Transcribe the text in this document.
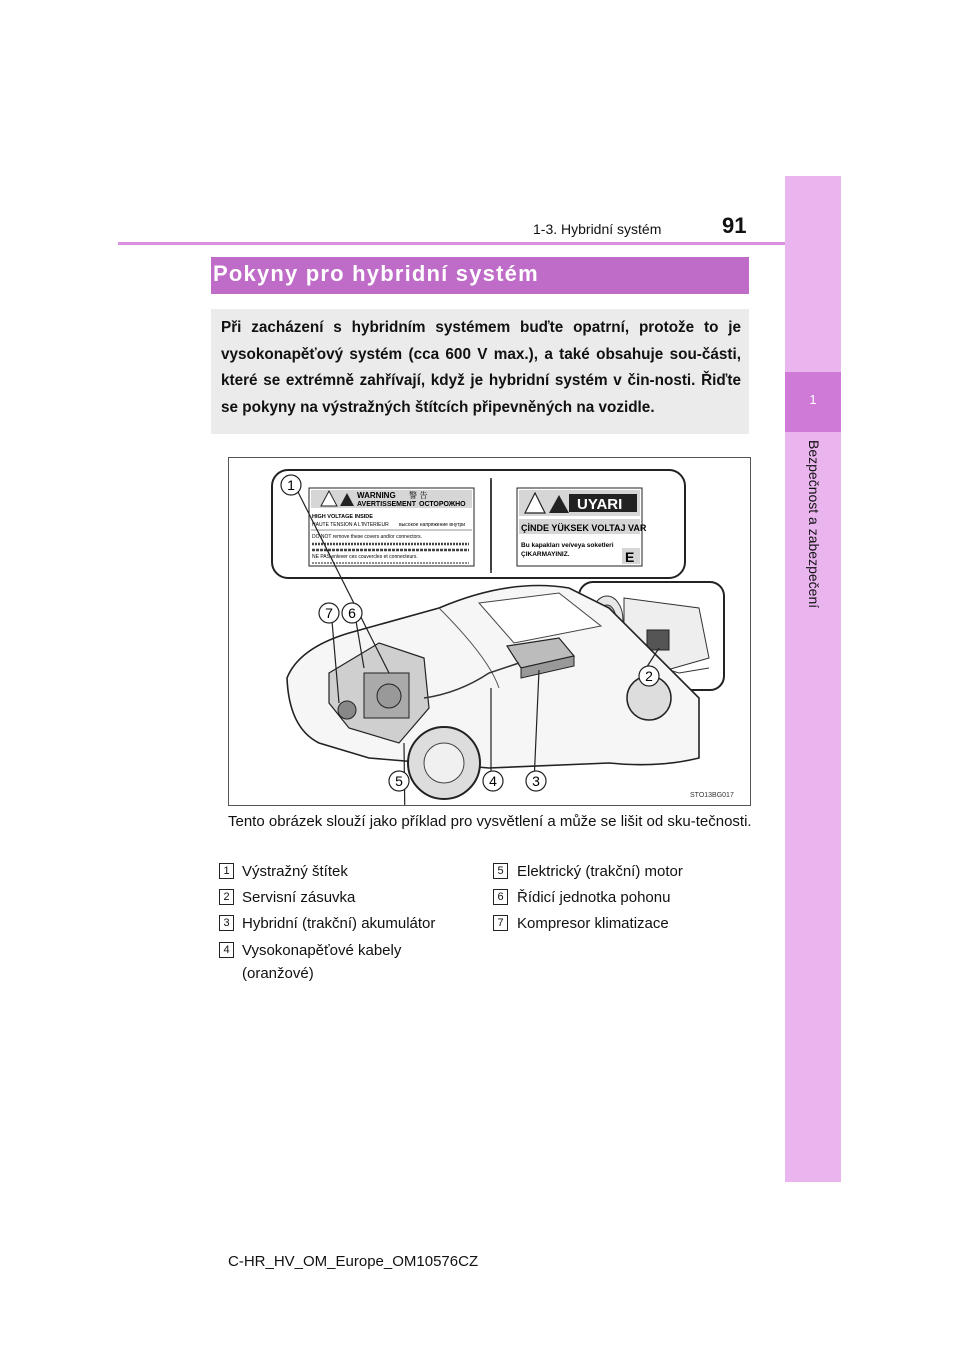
1
Bezpečnost a zabezpečení
1-3. Hybridní systém	91
Pokyny pro hybridní systém
Při zacházení s hybridním systémem buďte opatrní, protože to je vysokonapěťový systém (cca 600 V max.), a také obsahuje sou-části, které se extrémně zahřívají, když je hybridní systém v čin-nosti. Řiďte se pokyny na výstražných štítcích připevněných na vozidle.
WARNING
AVERTISSEMENT
警 告
ОСТОРОЖНО
HIGH VOLTAGE INSIDE
HAUTE TENSION A L'INTERIEUR высокое напряжение внутри
DO NOT remove these covers and/or connectors.
NE PAS enlever ces couvercles et connecteurs.
UYARI
ÇİNDE YÜKSEK VOLTAJ VAR
Bu kapakları ve/veya soketleri
ÇIKARMAYINIZ.	E
1
2
3
4
5
6
7
STO13BG017
Tento obrázek slouží jako příklad pro vysvětlení a může se lišit od sku-tečnosti.
1 Výstražný štítek
2 Servisní zásuvka
3 Hybridní (trakční) akumulátor
4 Vysokonapěťové kabely
(oranžové)
5 Elektrický (trakční) motor
6 Řídicí jednotka pohonu
7 Kompresor klimatizace
C-HR_HV_OM_Europe_OM10576CZ
